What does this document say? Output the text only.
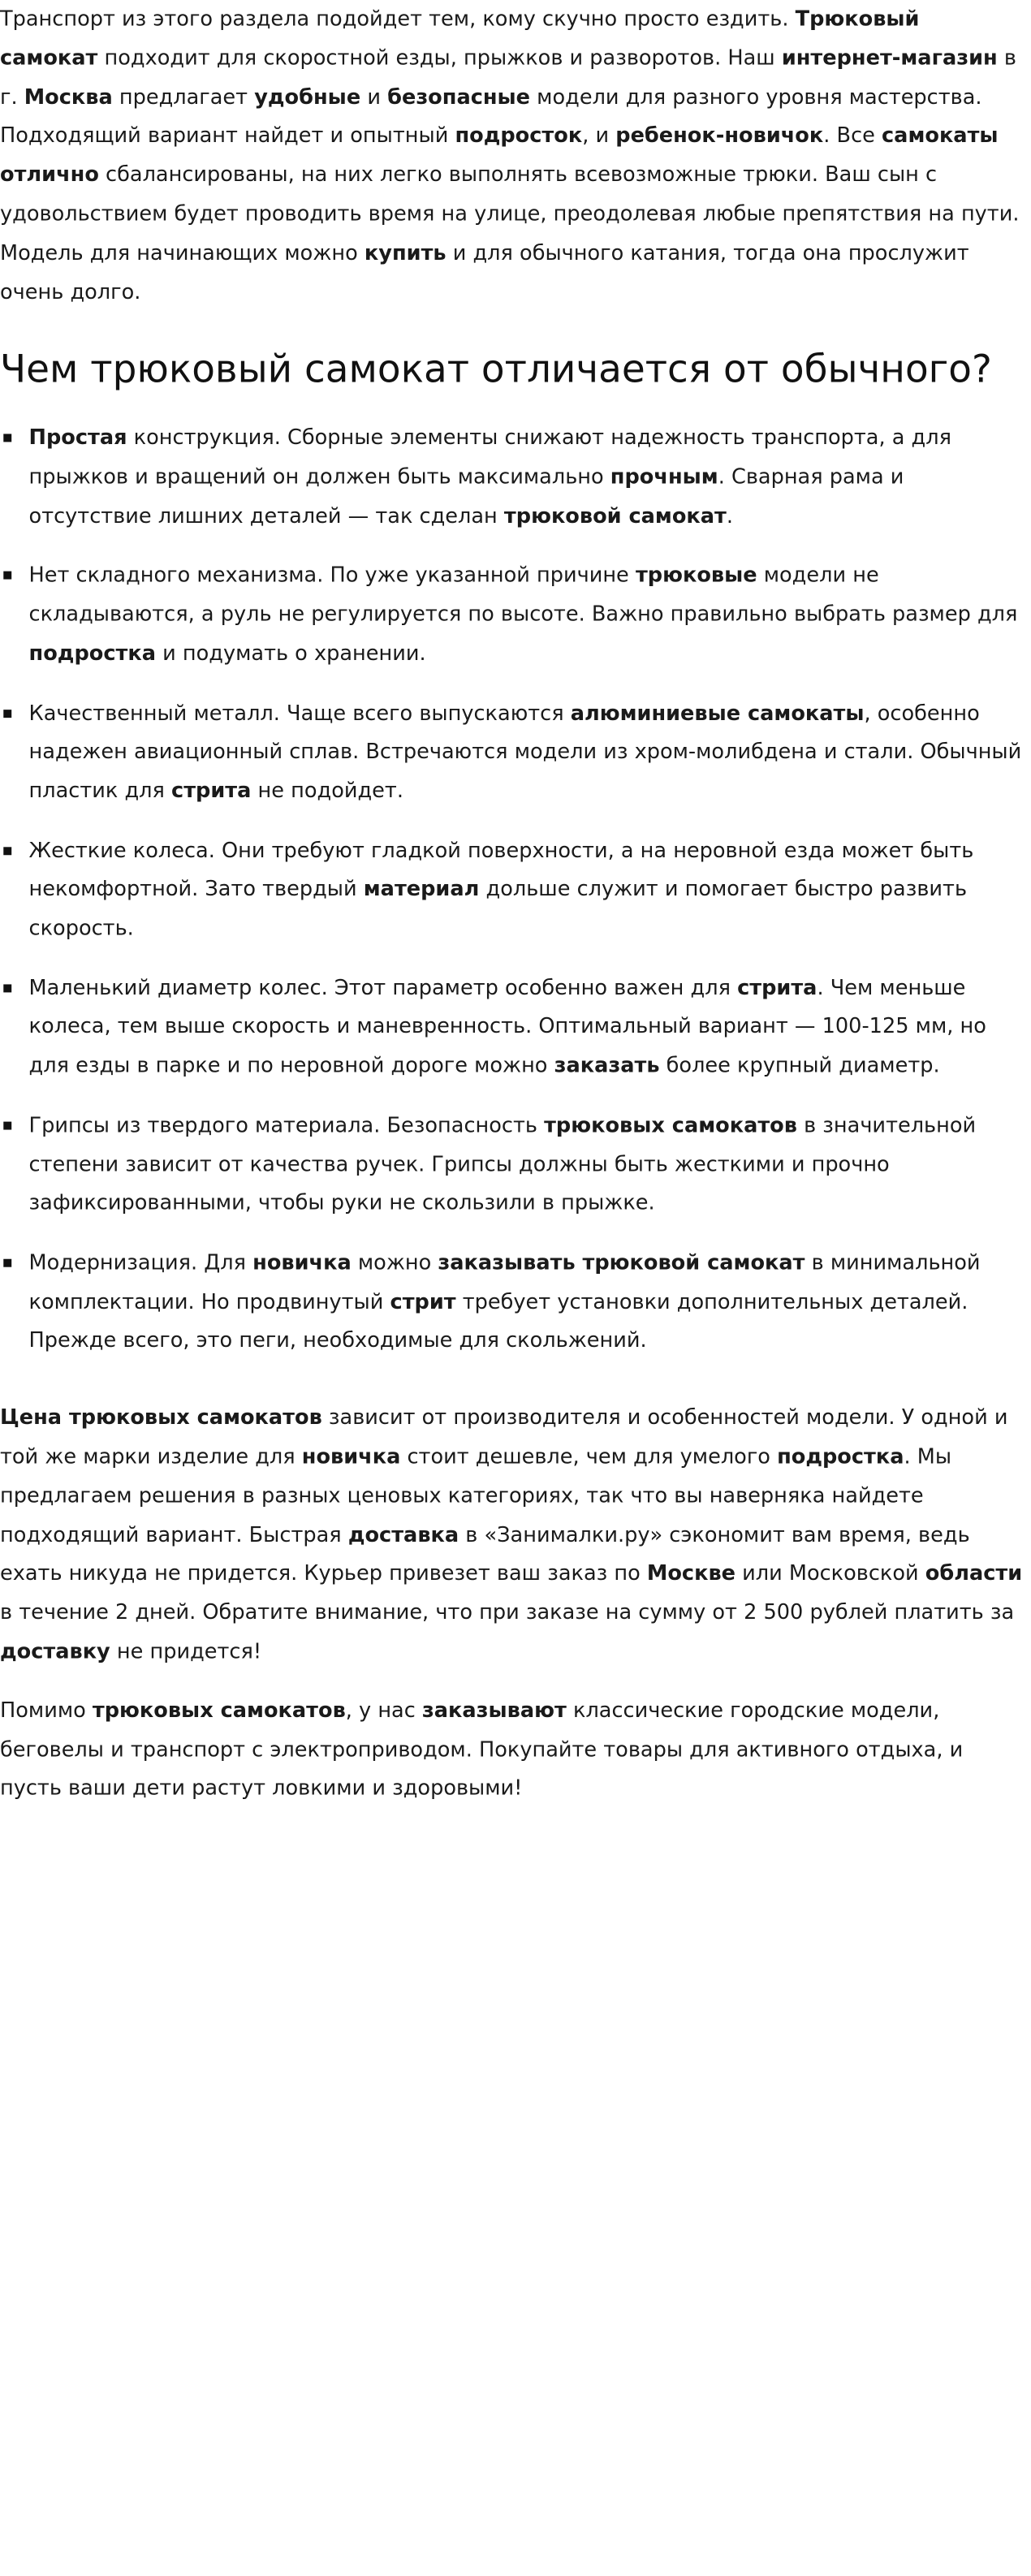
Транспорт из этого раздела подойдет тем, кому скучно просто ездить. Трюковый самокат подходит для скоростной езды, прыжков и разворотов. Наш интернет-магазин в г. Москва предлагает удобные и безопасные модели для разного уровня мастерства. Подходящий вариант найдет и опытный подросток, и ребенок-новичок. Все самокаты отлично сбалансированы, на них легко выполнять всевозможные трюки. Ваш сын с удовольствием будет проводить время на улице, преодолевая любые препятствия на пути. Модель для начинающих можно купить и для обычного катания, тогда она прослужит очень долго.

Чем трюковый самокат отличается от обычного?
Простая конструкция. Сборные элементы снижают надежность транспорта, а для прыжков и вращений он должен быть максимально прочным. Сварная рама и отсутствие лишних деталей — так сделан трюковой самокат.
Нет складного механизма. По уже указанной причине трюковые модели не складываются, а руль не регулируется по высоте. Важно правильно выбрать размер для подростка и подумать о хранении.
Качественный металл. Чаще всего выпускаются алюминиевые самокаты, особенно надежен авиационный сплав. Встречаются модели из хром-молибдена и стали. Обычный пластик для стрита не подойдет.
Жесткие колеса. Они требуют гладкой поверхности, а на неровной езда может быть некомфортной. Зато твердый материал дольше служит и помогает быстро развить скорость.
Маленький диаметр колес. Этот параметр особенно важен для стрита. Чем меньше колеса, тем выше скорость и маневренность. Оптимальный вариант — 100-125 мм, но для езды в парке и по неровной дороге можно заказать более крупный диаметр.
Грипсы из твердого материала. Безопасность трюковых самокатов в значительной степени зависит от качества ручек. Грипсы должны быть жесткими и прочно зафиксированными, чтобы руки не скользили в прыжке.
Модернизация. Для новичка можно заказывать трюковой самокат в минимальной комплектации. Но продвинутый стрит требует установки дополнительных деталей. Прежде всего, это пеги, необходимые для скольжений.

Цена трюковых самокатов зависит от производителя и особенностей модели. У одной и той же марки изделие для новичка стоит дешевле, чем для умелого подростка. Мы предлагаем решения в разных ценовых категориях, так что вы наверняка найдете подходящий вариант. Быстрая доставка в «Занималки.ру» сэкономит вам время, ведь ехать никуда не придется. Курьер привезет ваш заказ по Москве или Московской области в течение 2 дней. Обратите внимание, что при заказе на сумму от 2 500 рублей платить за доставку не придется!

Помимо трюковых самокатов, у нас заказывают классические городские модели, беговелы и транспорт с электроприводом. Покупайте товары для активного отдыха, и пусть ваши дети растут ловкими и здоровыми!
